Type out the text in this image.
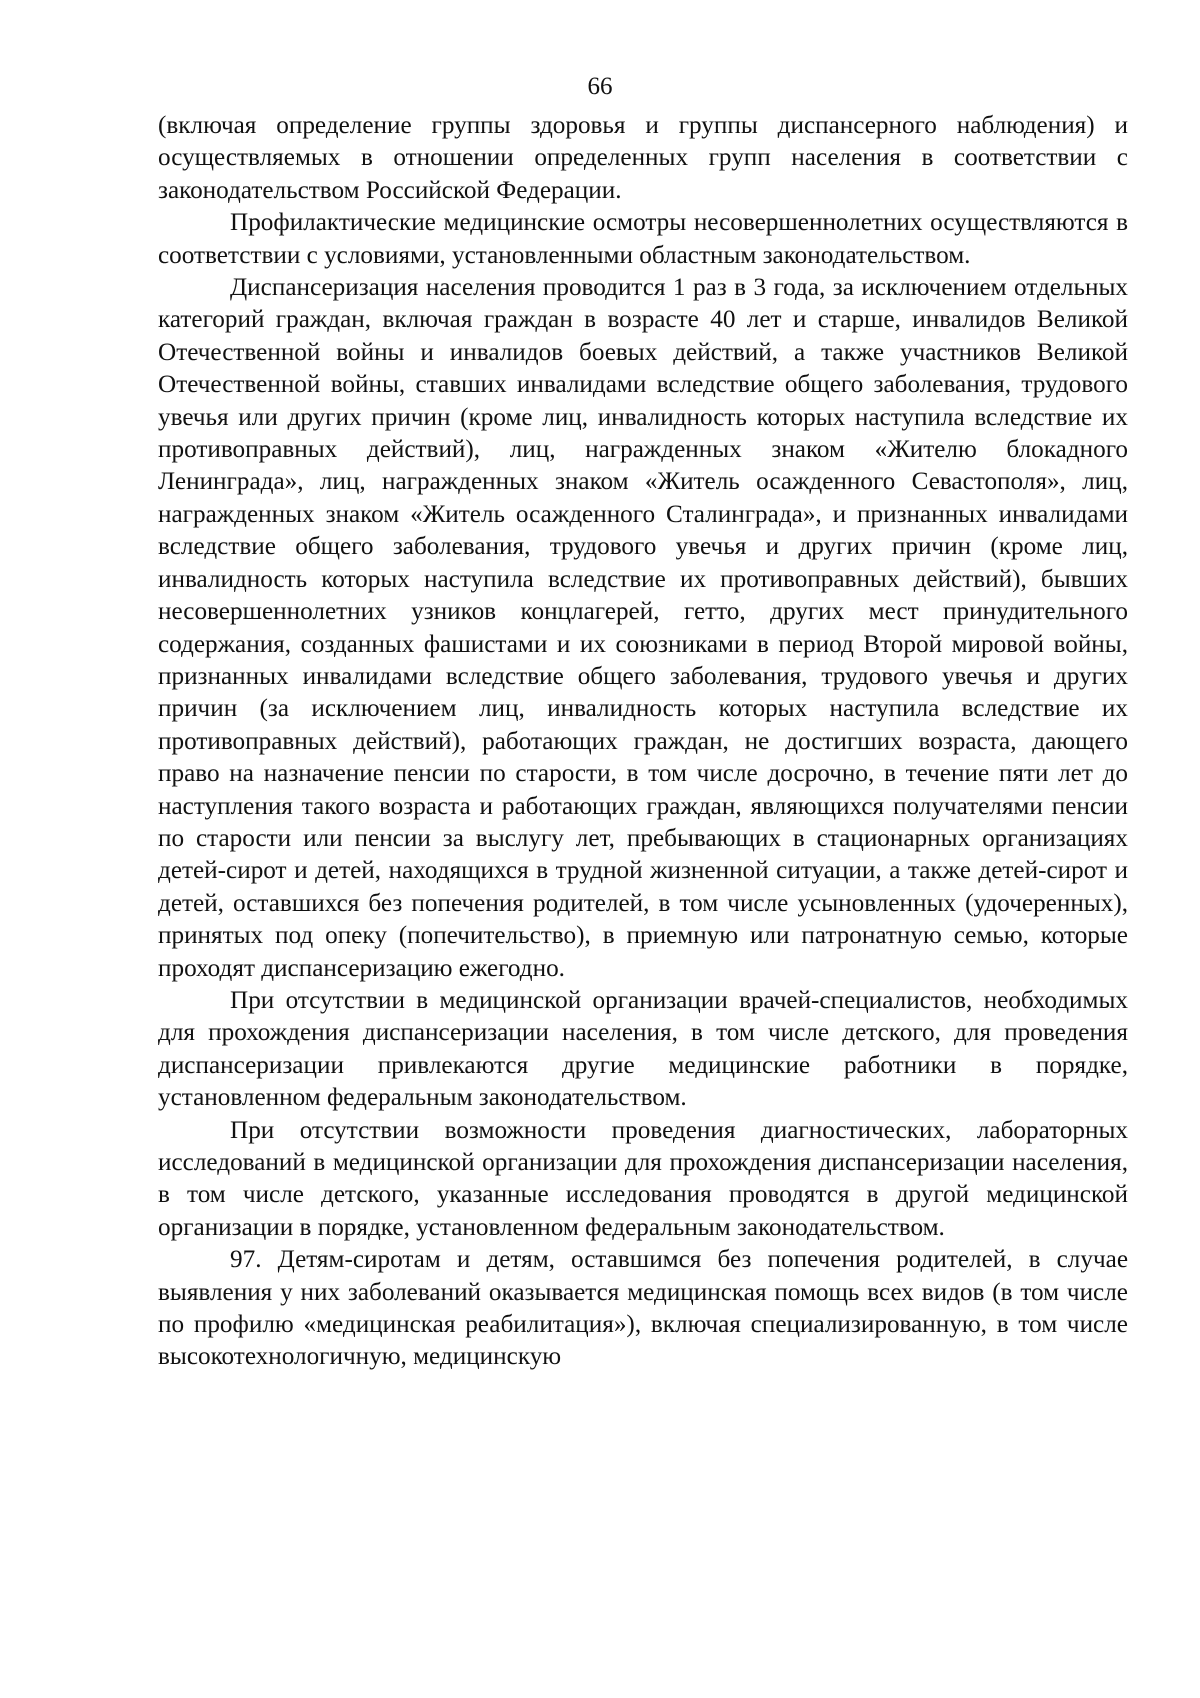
66

(включая определение группы здоровья и группы диспансерного наблюдения) и осуществляемых в отношении определенных групп населения в соответствии с законодательством Российской Федерации.

Профилактические медицинские осмотры несовершеннолетних осуществляются в соответствии с условиями, установленными областным законодательством.

Диспансеризация населения проводится 1 раз в 3 года, за исключением отдельных категорий граждан, включая граждан в возрасте 40 лет и старше, инвалидов Великой Отечественной войны и инвалидов боевых действий, а также участников Великой Отечественной войны, ставших инвалидами вследствие общего заболевания, трудового увечья или других причин (кроме лиц, инвалидность которых наступила вследствие их противоправных действий), лиц, награжденных знаком «Жителю блокадного Ленинграда», лиц, награжденных знаком «Житель осажденного Севастополя», лиц, награжденных знаком «Житель осажденного Сталинграда», и признанных инвалидами вследствие общего заболевания, трудового увечья и других причин (кроме лиц, инвалидность которых наступила вследствие их противоправных действий), бывших несовершеннолетних узников концлагерей, гетто, других мест принудительного содержания, созданных фашистами и их союзниками в период Второй мировой войны, признанных инвалидами вследствие общего заболевания, трудового увечья и других причин (за исключением лиц, инвалидность которых наступила вследствие их противоправных действий), работающих граждан, не достигших возраста, дающего право на назначение пенсии по старости, в том числе досрочно, в течение пяти лет до наступления такого возраста и работающих граждан, являющихся получателями пенсии по старости или пенсии за выслугу лет, пребывающих в стационарных организациях детей-сирот и детей, находящихся в трудной жизненной ситуации, а также детей-сирот и детей, оставшихся без попечения родителей, в том числе усыновленных (удочеренных), принятых под опеку (попечительство), в приемную или патронатную семью, которые проходят диспансеризацию ежегодно.

При отсутствии в медицинской организации врачей-специалистов, необходимых для прохождения диспансеризации населения, в том числе детского, для проведения диспансеризации привлекаются другие медицинские работники в порядке, установленном федеральным законодательством.

При отсутствии возможности проведения диагностических, лабораторных исследований в медицинской организации для прохождения диспансеризации населения, в том числе детского, указанные исследования проводятся в другой медицинской организации в порядке, установленном федеральным законодательством.

97. Детям-сиротам и детям, оставшимся без попечения родителей, в случае выявления у них заболеваний оказывается медицинская помощь всех видов (в том числе по профилю «медицинская реабилитация»), включая специализированную, в том числе высокотехнологичную, медицинскую
